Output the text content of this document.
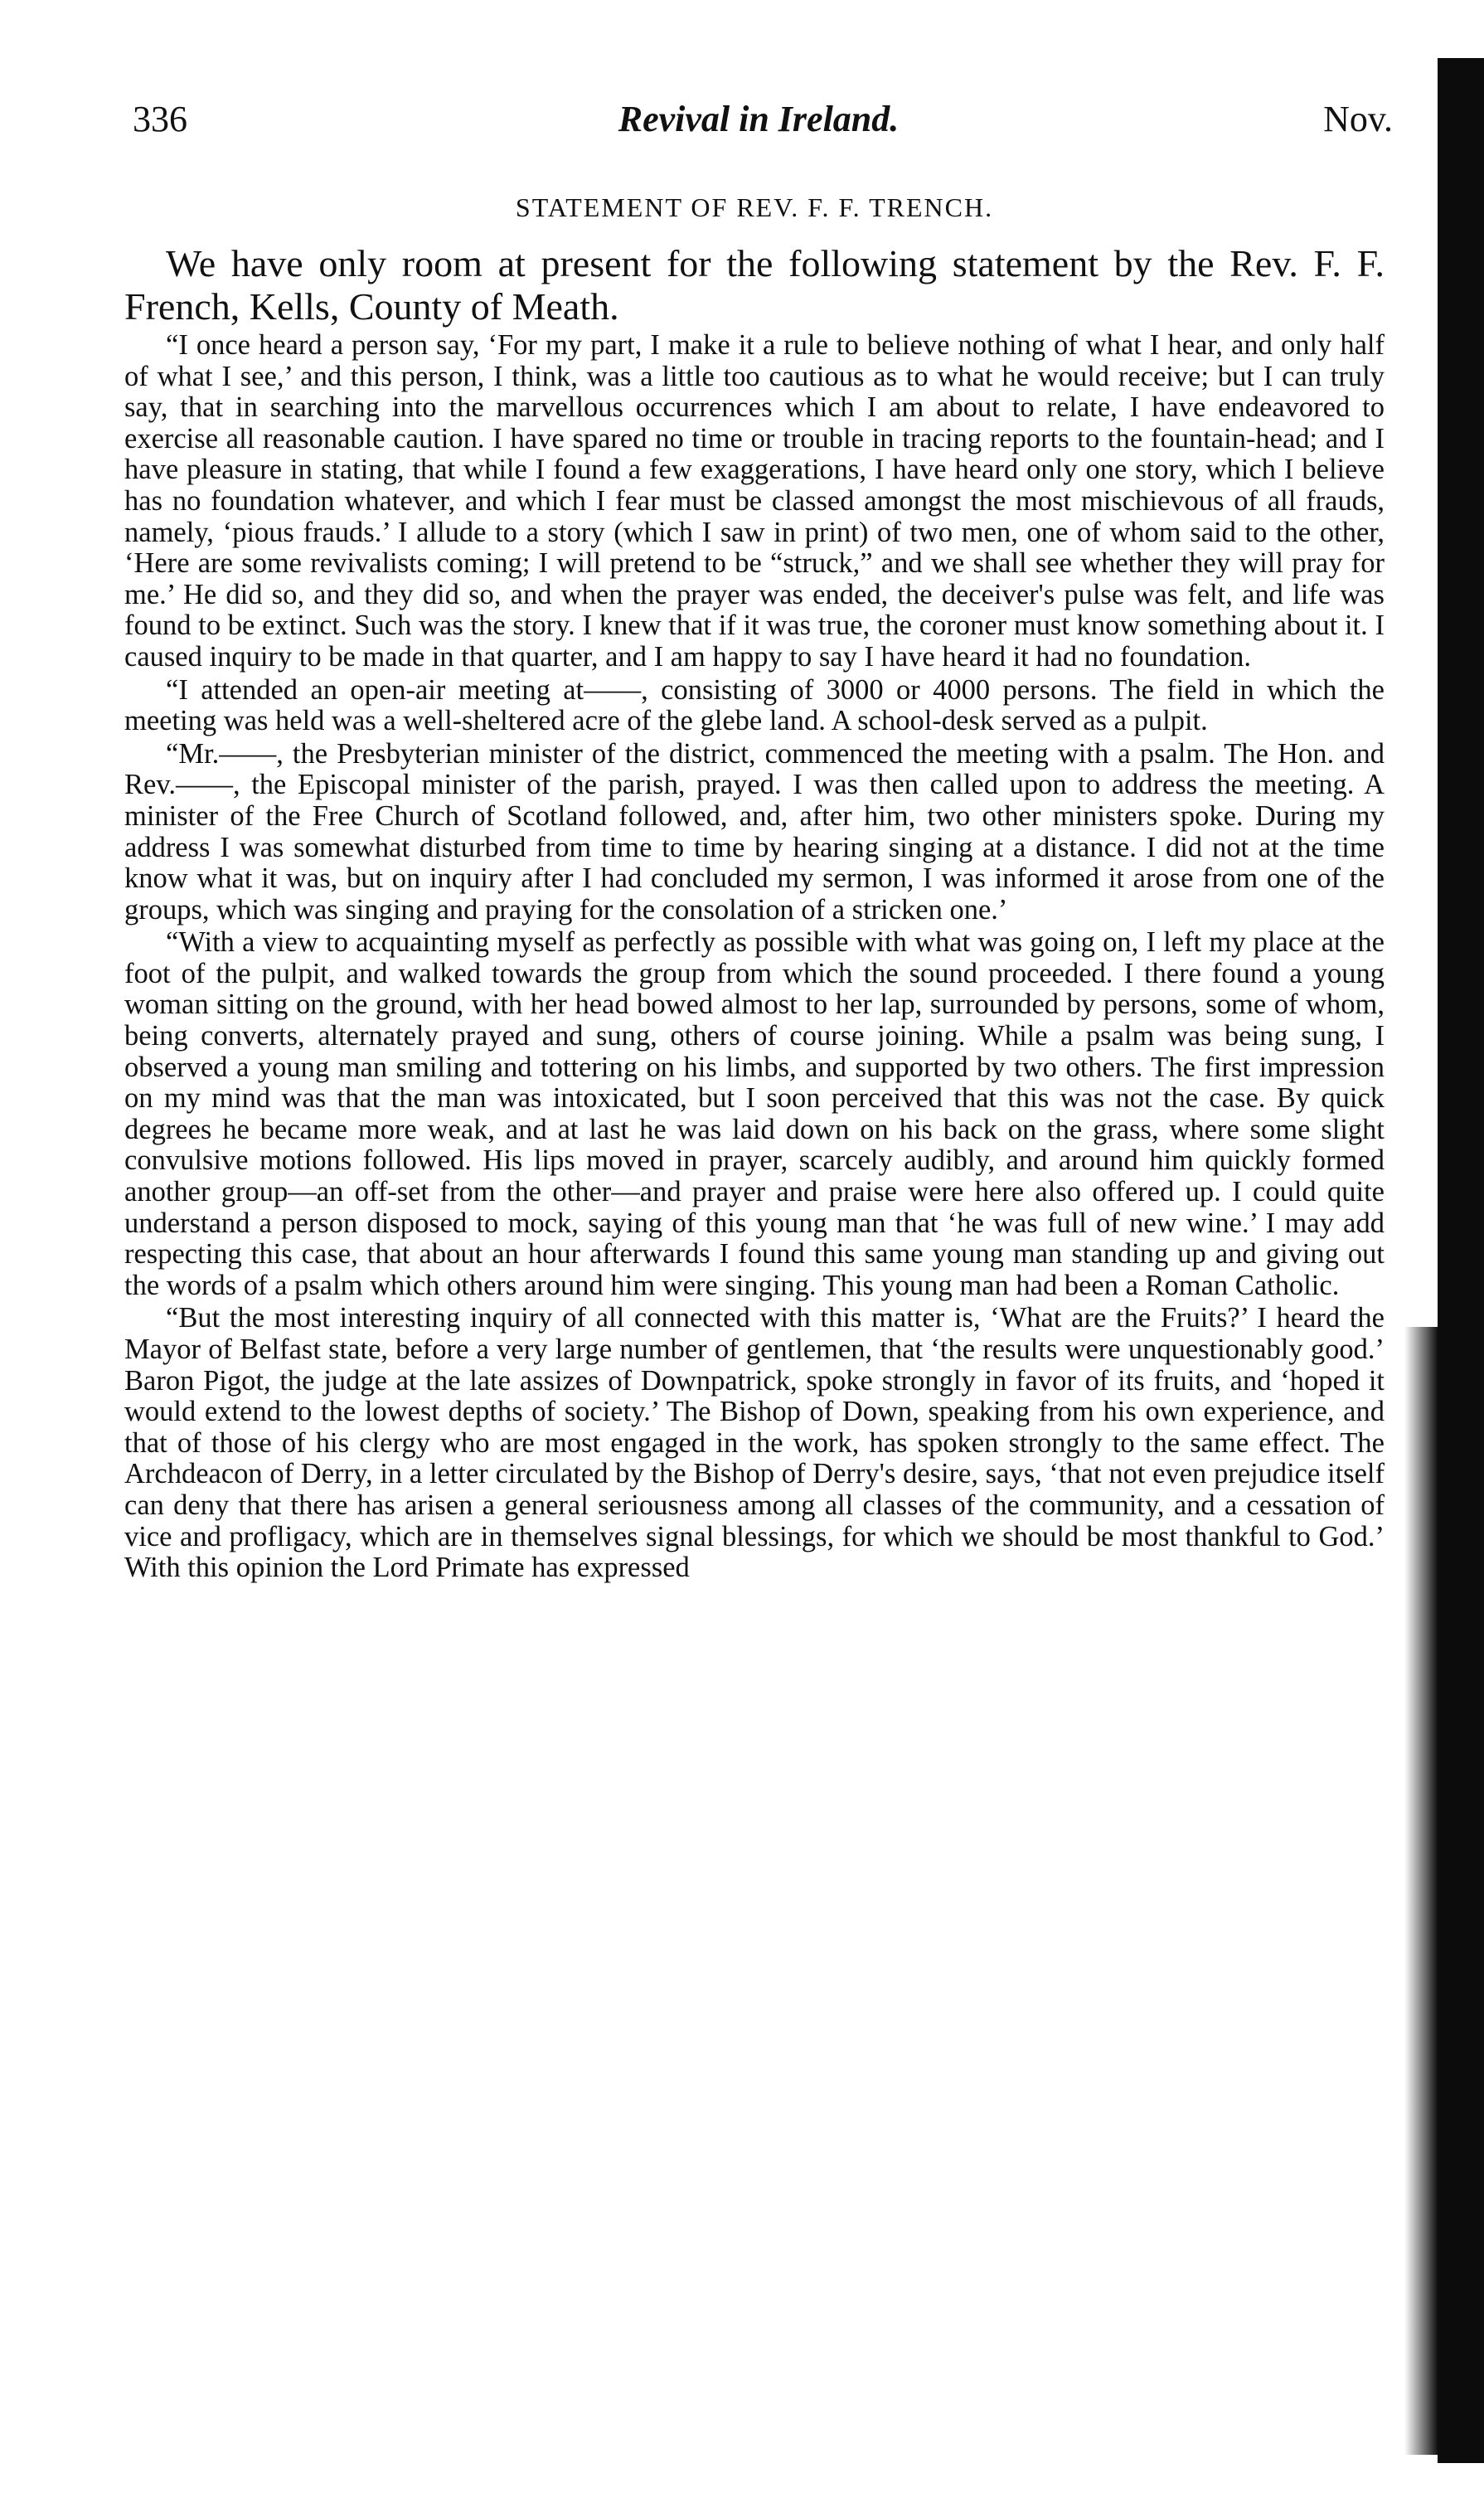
336	Revival in Ireland.	Nov.
STATEMENT OF REV. F. F. TRENCH.

We have only room at present for the following statement by the Rev. F. F. French, Kells, County of Meath.

“I once heard a person say, ‘For my part, I make it a rule to believe nothing of what I hear, and only half of what I see,’ and this person, I think, was a little too cautious as to what he would receive; but I can truly say, that in searching into the marvellous occurrences which I am about to relate, I have endeavored to exercise all reasonable caution. I have spared no time or trouble in tracing reports to the fountain-head; and I have pleasure in stating, that while I found a few exaggerations, I have heard only one story, which I believe has no foundation whatever, and which I fear must be classed amongst the most mischievous of all frauds, namely, ‘pious frauds.’ I allude to a story (which I saw in print) of two men, one of whom said to the other, ‘Here are some revivalists coming; I will pretend to be “struck,” and we shall see whether they will pray for me.’ He did so, and they did so, and when the prayer was ended, the deceiver's pulse was felt, and life was found to be extinct. Such was the story. I knew that if it was true, the coroner must know something about it. I caused inquiry to be made in that quarter, and I am happy to say I have heard it had no foundation.

“I attended an open-air meeting at——, consisting of 3000 or 4000 persons. The field in which the meeting was held was a well-sheltered acre of the glebe land. A school-desk served as a pulpit.

“Mr.——, the Presbyterian minister of the district, commenced the meeting with a psalm. The Hon. and Rev.——, the Episcopal minister of the parish, prayed. I was then called upon to address the meeting. A minister of the Free Church of Scotland followed, and, after him, two other ministers spoke. During my address I was somewhat disturbed from time to time by hearing singing at a distance. I did not at the time know what it was, but on inquiry after I had concluded my sermon, I was informed it arose from one of the groups, which was singing and praying for the consolation of a stricken one.’

“With a view to acquainting myself as perfectly as possible with what was going on, I left my place at the foot of the pulpit, and walked towards the group from which the sound proceeded. I there found a young woman sitting on the ground, with her head bowed almost to her lap, surrounded by persons, some of whom, being converts, alternately prayed and sung, others of course joining. While a psalm was being sung, I observed a young man smiling and tottering on his limbs, and supported by two others. The first impression on my mind was that the man was intoxicated, but I soon perceived that this was not the case. By quick degrees he became more weak, and at last he was laid down on his back on the grass, where some slight convulsive motions followed. His lips moved in prayer, scarcely audibly, and around him quickly formed another group—an off-set from the other—and prayer and praise were here also offered up. I could quite understand a person disposed to mock, saying of this young man that ‘he was full of new wine.’ I may add respecting this case, that about an hour afterwards I found this same young man standing up and giving out the words of a psalm which others around him were singing. This young man had been a Roman Catholic.

“But the most interesting inquiry of all connected with this matter is, ‘What are the Fruits?’ I heard the Mayor of Belfast state, before a very large number of gentlemen, that ‘the results were unquestionably good.’ Baron Pigot, the judge at the late assizes of Downpatrick, spoke strongly in favor of its fruits, and ‘hoped it would extend to the lowest depths of society.’ The Bishop of Down, speaking from his own experience, and that of those of his clergy who are most engaged in the work, has spoken strongly to the same effect. The Archdeacon of Derry, in a letter circulated by the Bishop of Derry's desire, says, ‘that not even prejudice itself can deny that there has arisen a general seriousness among all classes of the community, and a cessation of vice and profligacy, which are in themselves signal blessings, for which we should be most thankful to God.’ With this opinion the Lord Primate has expressed
